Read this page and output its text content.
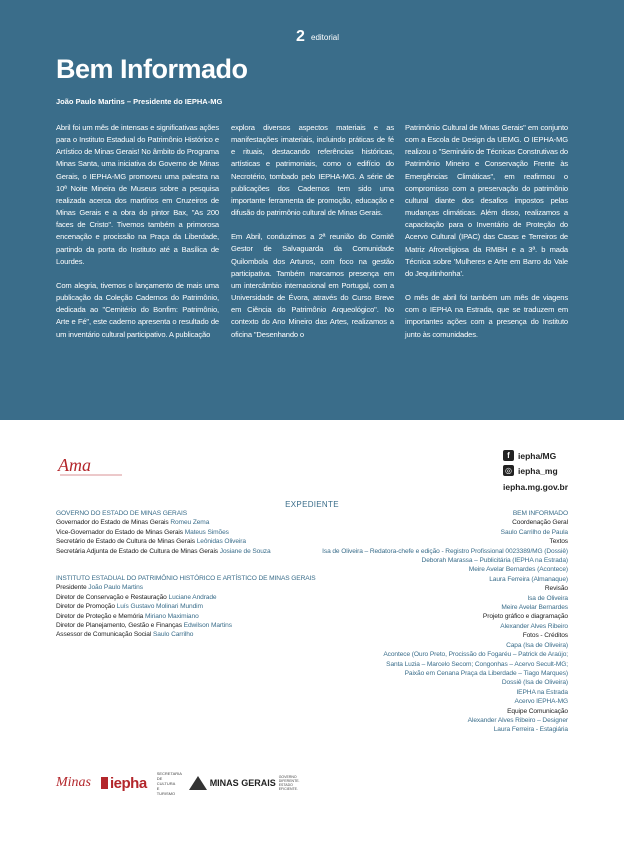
2 editorial
Bem Informado
João Paulo Martins – Presidente do IEPHA-MG

Abril foi um mês de intensas e significativas ações para o Instituto Estadual do Patrimônio Histórico e Artístico de Minas Gerais! No âmbito do Programa Minas Santa, uma iniciativa do Governo de Minas Gerais, o IEPHA-MG promoveu uma palestra na 10ª Noite Mineira de Museus sobre a pesquisa realizada acerca dos martírios em Cruzeiros de Minas Gerais e a obra do pintor Bax, "As 200 faces de Cristo". Tivemos também a primorosa encenação e procissão na Praça da Liberdade, partindo da porta do Instituto até a Basílica de Lourdes.

Com alegria, tivemos o lançamento de mais uma publicação da Coleção Cadernos do Patrimônio, dedicada ao "Cemitério do Bonfim: Patrimônio, Arte e Fé", este caderno apresenta o resultado de um inventário cultural participativo. A publicação

explora diversos aspectos materiais e as manifestações imateriais, incluindo práticas de fé e rituais, destacando referências históricas, artísticas e patrimoniais, como o edifício do Necrotério, tombado pelo IEPHA-MG. A série de publicações dos Cadernos tem sido uma importante ferramenta de promoção, educação e difusão do patrimônio cultural de Minas Gerais.

Em Abril, conduzimos a 2ª reunião do Comitê Gestor de Salvaguarda da Comunidade Quilombola dos Arturos, com foco na gestão participativa. Também marcamos presença em um intercâmbio internacional em Portugal, com a Universidade de Évora, através do Curso Breve em Ciência do Patrimônio Arqueológico". No contexto do Ano Mineiro das Artes, realizamos a oficina "Desenhando o

Patrimônio Cultural de Minas Gerais" em conjunto com a Escola de Design da UEMG. O IEPHA-MG realizou o "Seminário de Técnicas Construtivas do Patrimônio Mineiro e Conservação Frente às Emergências Climáticas", em reafirmou o compromisso com a preservação do patrimônio cultural diante dos desafios impostos pelas mudanças climáticas. Além disso, realizamos a capacitação para o Inventário de Proteção do Acervo Cultural (IPAC) das Casas e Terreiros de Matriz Afroreligiosa da RMBH e a 3ª. b mada Técnica sobre 'Mulheres e Arte em Barro do Vale do Jequitinhonha'.

O mês de abril foi também um mês de viagens com o IEPHA na Estrada, que se traduzem em importantes ações com a presença do Instituto junto às comunidades.

Ama	f iepha/MG
◎ iepha_mg
iepha.mg.gov.br
EXPEDIENTE
GOVERNO DO ESTADO DE MINAS GERAIS
Governador do Estado de Minas Gerais Romeu Zema
Vice-Governador do Estado de Minas Gerais Mateus Simões
Secretário de Estado de Cultura de Minas Gerais Leônidas Oliveira
Secretária Adjunta de Estado de Cultura de Minas Gerais Josiane de Souza
INSTITUTO ESTADUAL DO PATRIMÔNIO HISTÓRICO E ARTÍSTICO DE MINAS GERAIS
Presidente João Paulo Martins
Diretor de Conservação e Restauração Luciane Andrade
Diretor de Promoção Luís Gustavo Molinari Mundim
Diretor de Proteção e Memória Miriano Maximiano
Diretor de Planejamento, Gestão e Finanças Edwilson Martins
Assessor de Comunicação Social Saulo Carrilho
BEM INFORMADO
Coordenação Geral
Saulo Carrilho de Paula
Textos
Isa de Oliveira – Redatora-chefe e edição - Registro Profissional 0023389/MG (Dossiê)
Deborah Marassa – Publicitária (IEPHA na Estrada)
Meire Avelar Bernardes (Acontece)
Laura Ferreira (Almanaque)
Revisão
Isa de Oliveira
Meire Avelar Bernardes
Projeto gráfico e diagramação
Alexander Alves Ribeiro
Fotos - Créditos
Capa (Isa de Oliveira)
Acontece (Ouro Preto, Procissão do Fogaréu – Patrick de Araújo;
Santa Luzia – Marcelo Secom; Congonhas – Acervo Secult-MG;
Paixão em Cenana Praça da Liberdade – Tiago Marques)
Dossiê (Isa de Oliveira)
IEPHA na Estrada
Acervo IEPHA-MG
Equipe Comunicação
Alexander Alves Ribeiro – Designer
Laura Ferreira - Estagiária
Minas	iepha
SECRETARIA DE CULTURA E TURISMO
MINAS GERAIS
GOVERNO DIFERENTE. ESTADO EFICIENTE.
